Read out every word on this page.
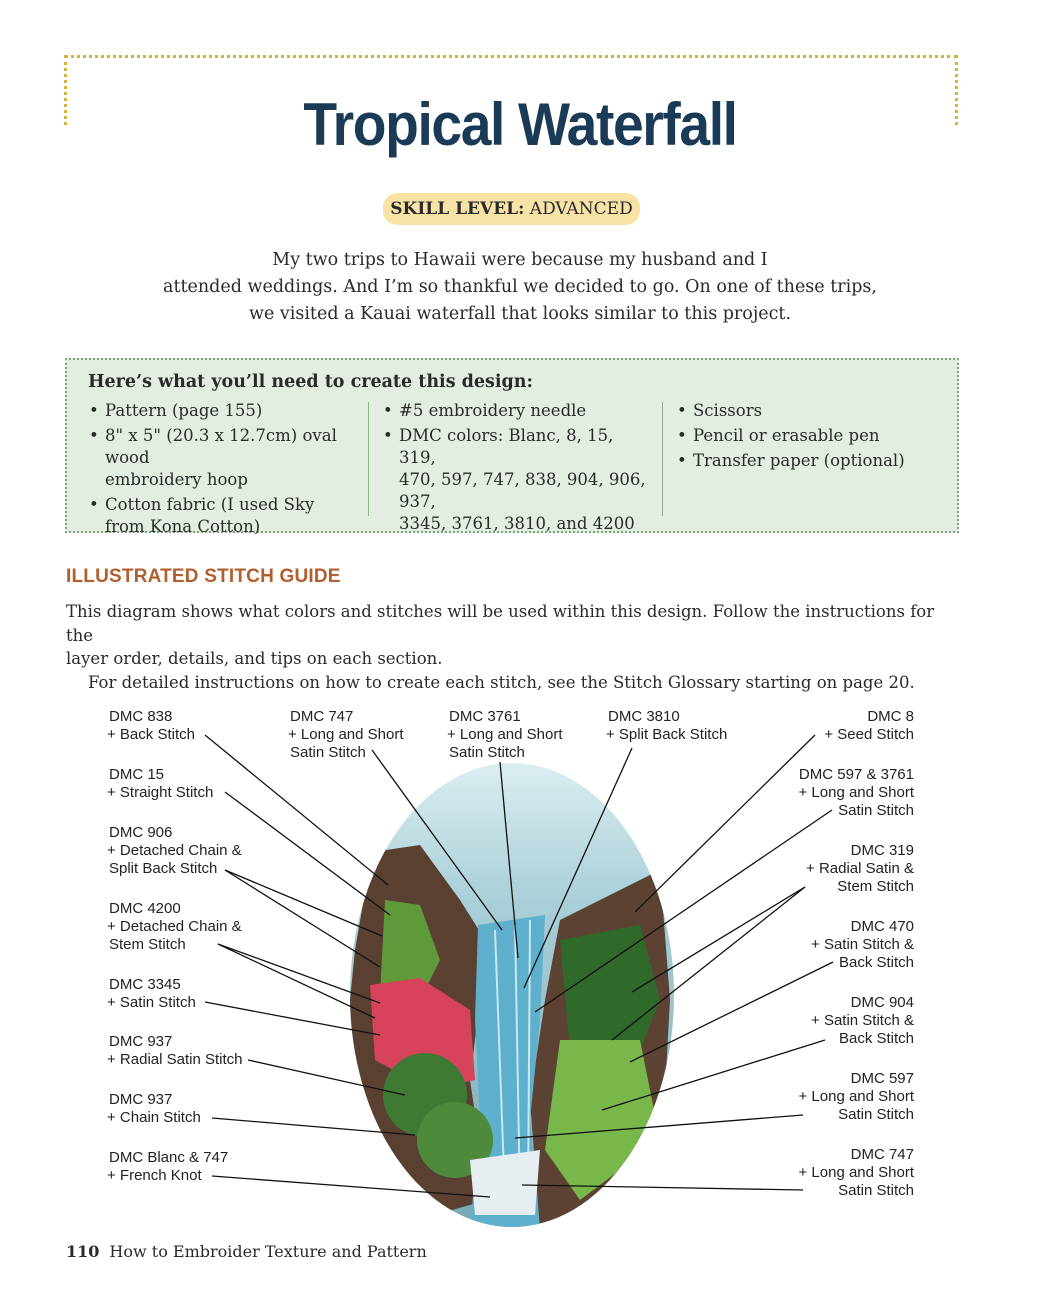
Tropical Waterfall
SKILL LEVEL: ADVANCED

My two trips to Hawaii were because my husband and I
attended weddings. And I’m so thankful we decided to go. On one of these trips,
we visited a Kauai waterfall that looks similar to this project.

Here’s what you’ll need to create this design:
• Pattern (page 155)
• 8" x 5" (20.3 x 12.7cm) oval wood
embroidery hoop
• Cotton fabric (I used Sky
from Kona Cotton)
• #5 embroidery needle
• DMC colors: Blanc, 8, 15, 319,
470, 597, 747, 838, 904, 906, 937,
3345, 3761, 3810, and 4200
• Scissors
• Pencil or erasable pen
• Transfer paper (optional)
ILLUSTRATED STITCH GUIDE

This diagram shows what colors and stitches will be used within this design. Follow the instructions for the
layer order, details, and tips on each section.
For detailed instructions on how to create each stitch, see the Stitch Glossary starting on page 20.

DMC 838
+ Back Stitch
DMC 15
+ Straight Stitch
DMC 906
+ Detached Chain &
Split Back Stitch
DMC 4200
+ Detached Chain &
Stem Stitch
DMC 3345
+ Satin Stitch
DMC 937
+ Radial Satin Stitch
DMC 937
+ Chain Stitch
DMC Blanc & 747
+ French Knot
DMC 747
+ Long and Short
Satin Stitch
DMC 3761
+ Long and Short
Satin Stitch
DMC 3810
+ Split Back Stitch
DMC 8
+ Seed Stitch
DMC 597 & 3761
+ Long and Short
Satin Stitch
DMC 319
+ Radial Satin &
Stem Stitch
DMC 470
+ Satin Stitch &
Back Stitch
DMC 904
+ Satin Stitch &
Back Stitch
DMC 597
+ Long and Short
Satin Stitch
DMC 747
+ Long and Short
Satin Stitch
110 How to Embroider Texture and Pattern
